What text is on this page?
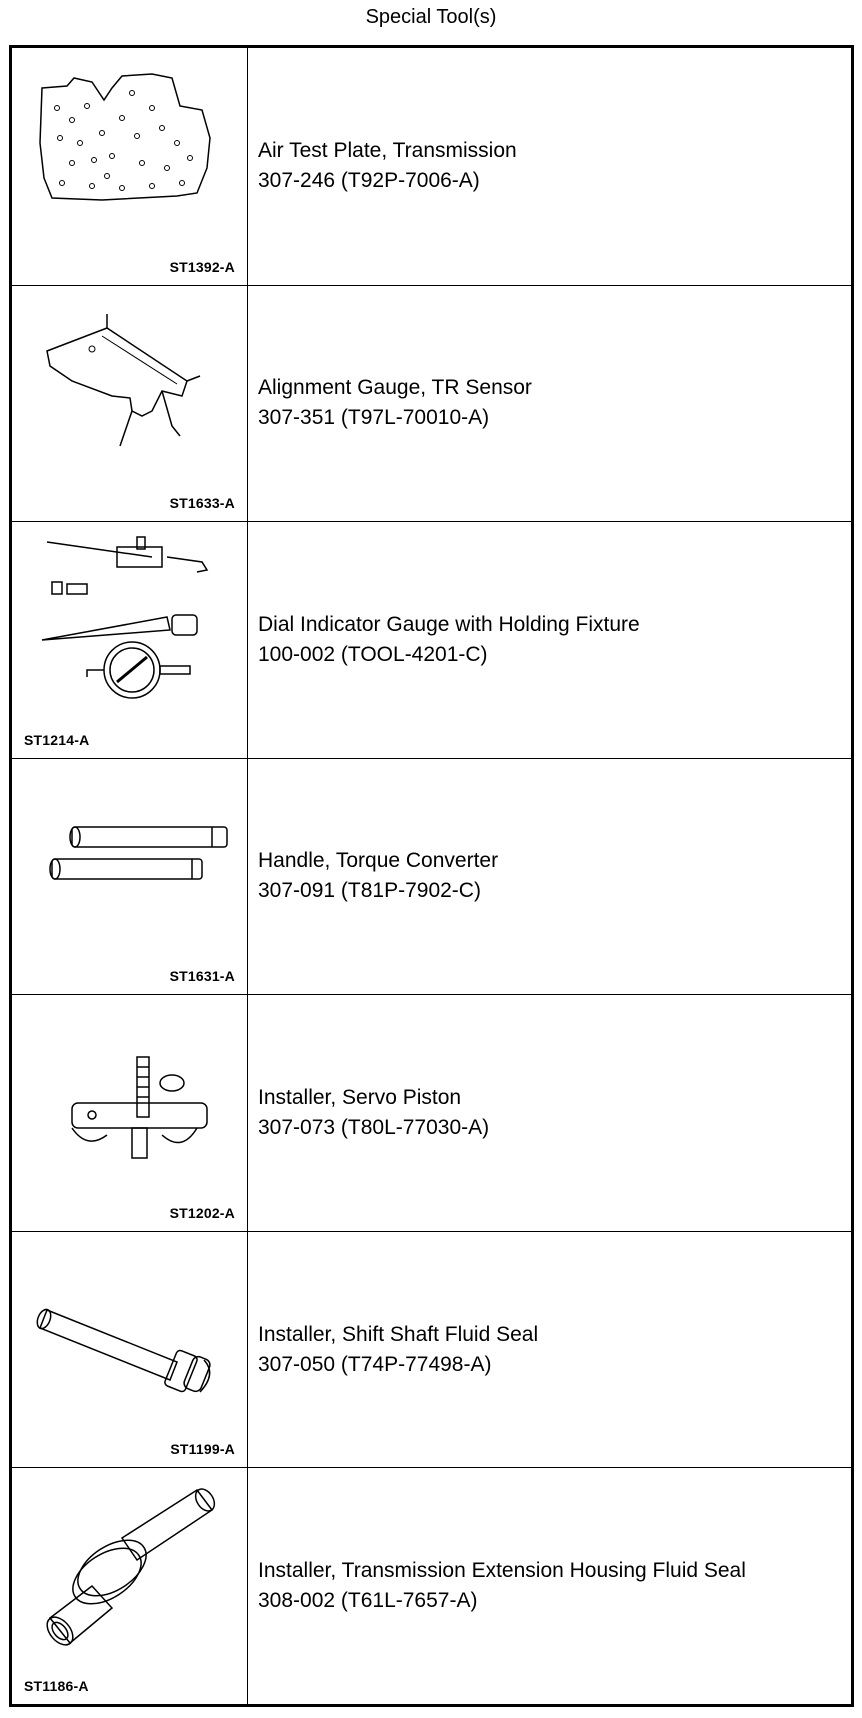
Special Tool(s)
ST1392-A
Air Test Plate, Transmission
307-246 (T92P-7006-A)
ST1633-A
Alignment Gauge, TR Sensor
307-351 (T97L-70010-A)
ST1214-A
Dial Indicator Gauge with Holding Fixture
100-002 (TOOL-4201-C)
ST1631-A
Handle, Torque Converter
307-091 (T81P-7902-C)
ST1202-A
Installer, Servo Piston
307-073 (T80L-77030-A)
ST1199-A
Installer, Shift Shaft Fluid Seal
307-050 (T74P-77498-A)
ST1186-A
Installer, Transmission Extension Housing Fluid Seal
308-002 (T61L-7657-A)
